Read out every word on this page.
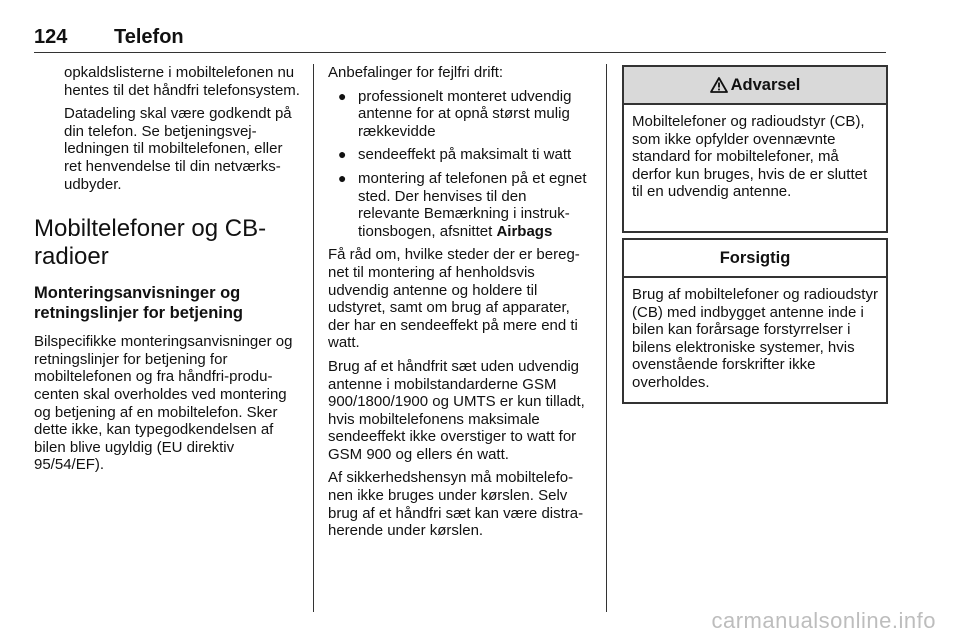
124 Telefon

opkaldslisterne i mobiltelefonen nu hentes til det håndfri telefonsystem.

Datadeling skal være godkendt på din telefon. Se betjeningsvejledningen til mobiltelefonen, eller ret henvendelse til din netværksudbyder.

Mobiltelefoner og CB-radioer
Monteringsanvisninger og retningslinjer for betjening

Bilspecifikke monteringsanvisninger og retningslinjer for betjening for mobiltelefonen og fra håndfri-producenten skal overholdes ved montering og betjening af en mobiltelefon. Sker dette ikke, kan typegodkendelsen af bilen blive ugyldig (EU direktiv 95/54/EF).

Anbefalinger for fejlfri drift:

● professionelt monteret udvendig antenne for at opnå størst mulig rækkevidde
● sendeeffekt på maksimalt ti watt
● montering af telefonen på et egnet sted. Der henvises til den relevante Bemærkning i instruktionsbogen, afsnittet Airbags

Få råd om, hvilke steder der er beregnet til montering af henholdsvis udvendig antenne og holdere til udstyret, samt om brug af apparater, der har en sendeeffekt på mere end ti watt.

Brug af et håndfrit sæt uden udvendig antenne i mobilstandarderne GSM 900/1800/1900 og UMTS er kun tilladt, hvis mobiltelefonens maksimale sendeeffekt ikke overstiger to watt for GSM 900 og ellers én watt.

Af sikkerhedshensyn må mobiltelefonen ikke bruges under kørslen. Selv brug af et håndfri sæt kan være distraherende under kørslen.

Advarsel
Mobiltelefoner og radioudstyr (CB), som ikke opfylder ovennævnte standard for mobiltelefoner, må derfor kun bruges, hvis de er sluttet til en udvendig antenne.
Forsigtig
Brug af mobiltelefoner og radioudstyr (CB) med indbygget antenne inde i bilen kan forårsage forstyrrelser i bilens elektroniske systemer, hvis ovenstående forskrifter ikke overholdes.
carmanualsonline.info
